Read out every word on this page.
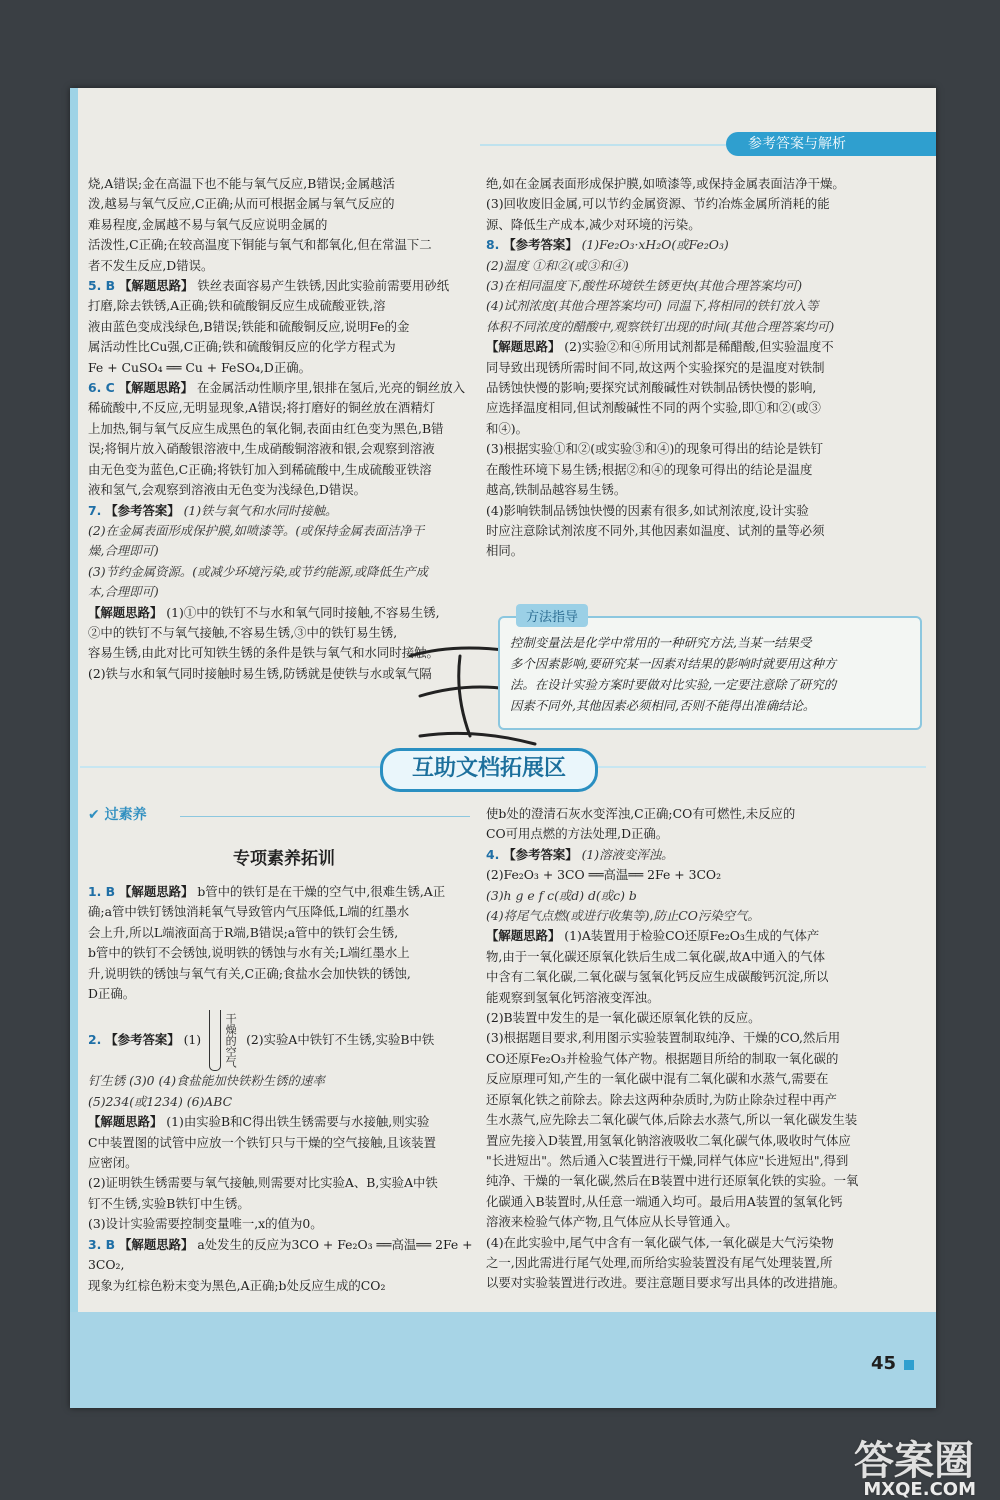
参考答案与解析

烧,A错误;金在高温下也不能与氧气反应,B错误;金属越活

泼,越易与氧气反应,C正确;从而可根据金属与氧气反应的

难易程度,金属越不易与氧气反应说明金属的

活泼性,C正确;在较高温度下铜能与氧气和都氧化,但在常温下二

者不发生反应,D错误。

5. B 【解题思路】 铁丝表面容易产生铁锈,因此实验前需要用砂纸

打磨,除去铁锈,A正确;铁和硫酸铜反应生成硫酸亚铁,溶

液由蓝色变成浅绿色,B错误;铁能和硫酸铜反应,说明Fe的金

属活动性比Cu强,C正确;铁和硫酸铜反应的化学方程式为

Fe + CuSO₄ ══ Cu + FeSO₄,D正确。

6. C 【解题思路】 在金属活动性顺序里,银排在氢后,光亮的铜丝放入

稀硫酸中,不反应,无明显现象,A错误;将打磨好的铜丝放在酒精灯

上加热,铜与氧气反应生成黑色的氧化铜,表面由红色变为黑色,B错

误;将铜片放入硝酸银溶液中,生成硝酸铜溶液和银,会观察到溶液

由无色变为蓝色,C正确;将铁钉加入到稀硫酸中,生成硫酸亚铁溶

液和氢气,会观察到溶液由无色变为浅绿色,D错误。

7. 【参考答案】 (1)铁与氧气和水同时接触。

(2)在金属表面形成保护膜,如喷漆等。(或保持金属表面洁净干

燥,合理即可)

(3)节约金属资源。(或减少环境污染,或节约能源,或降低生产成

本,合理即可)

【解题思路】 (1)①中的铁钉不与水和氧气同时接触,不容易生锈,

②中的铁钉不与氧气接触,不容易生锈,③中的铁钉易生锈,

容易生锈,由此对比可知铁生锈的条件是铁与氧气和水同时接触。

(2)铁与水和氧气同时接触时易生锈,防锈就是使铁与水或氧气隔

绝,如在金属表面形成保护膜,如喷漆等,或保持金属表面洁净干燥。

(3)回收废旧金属,可以节约金属资源、节约冶炼金属所消耗的能

源、降低生产成本,减少对环境的污染。

8. 【参考答案】 (1)Fe₂O₃·xH₂O(或Fe₂O₃)

(2)温度 ①和②(或③和④)

(3)在相同温度下,酸性环境铁生锈更快(其他合理答案均可)

(4)试剂浓度(其他合理答案均可) 同温下,将相同的铁钉放入等

体积不同浓度的醋酸中,观察铁钉出现的时间(其他合理答案均可)

【解题思路】 (2)实验②和④所用试剂都是稀醋酸,但实验温度不

同导致出现锈所需时间不同,故这两个实验探究的是温度对铁制

品锈蚀快慢的影响;要探究试剂酸碱性对铁制品锈快慢的影响,

应选择温度相同,但试剂酸碱性不同的两个实验,即①和②(或③

和④)。

(3)根据实验①和②(或实验③和④)的现象可得出的结论是铁钉

在酸性环境下易生锈;根据②和④的现象可得出的结论是温度

越高,铁制品越容易生锈。

(4)影响铁制品锈蚀快慢的因素有很多,如试剂浓度,设计实验

时应注意除试剂浓度不同外,其他因素如温度、试剂的量等必须

相同。

方法指导
控制变量法是化学中常用的一种研究方法,当某一结果受
多个因素影响,要研究某一因素对结果的影响时就要用这种方
法。在设计实验方案时要做对比实验,一定要注意除了研究的
因素不同外,其他因素必须相同,否则不能得出准确结论。
互助文档拓展区
✔ 过素养
专项素养拓训

1. B 【解题思路】 b管中的铁钉是在干燥的空气中,很难生锈,A正

确;a管中铁钉锈蚀消耗氧气导致管内气压降低,L端的红墨水

会上升,所以L端液面高于R端,B错误;a管中的铁钉会生锈,

b管中的铁钉不会锈蚀,说明铁的锈蚀与水有关;L端红墨水上

升,说明铁的锈蚀与氧气有关,C正确;食盐水会加快铁的锈蚀,

D正确。

2. 【参考答案】 (1) 干燥的空气 (2)实验A中铁钉不生锈,实验B中铁

钉生锈 (3)0 (4)食盐能加快铁粉生锈的速率

(5)234(或1234) (6)ABC

【解题思路】 (1)由实验B和C得出铁生锈需要与水接触,则实验

C中装置图的试管中应放一个铁钉只与干燥的空气接触,且该装置

应密闭。

(2)证明铁生锈需要与氧气接触,则需要对比实验A、B,实验A中铁

钉不生锈,实验B铁钉中生锈。

(3)设计实验需要控制变量唯一,x的值为0。

3. B 【解题思路】 a处发生的反应为3CO + Fe₂O₃ ══高温══ 2Fe + 3CO₂,

现象为红棕色粉末变为黑色,A正确;b处反应生成的CO₂

使b处的澄清石灰水变浑浊,C正确;CO有可燃性,未反应的

CO可用点燃的方法处理,D正确。

4. 【参考答案】 (1)溶液变浑浊。

(2)Fe₂O₃ + 3CO ══高温══ 2Fe + 3CO₂

(3)h g e f c(或d) d(或c) b

(4)将尾气点燃(或进行收集等),防止CO污染空气。

【解题思路】 (1)A装置用于检验CO还原Fe₂O₃生成的气体产

物,由于一氧化碳还原氧化铁后生成二氧化碳,故A中通入的气体

中含有二氧化碳,二氧化碳与氢氧化钙反应生成碳酸钙沉淀,所以

能观察到氢氧化钙溶液变浑浊。

(2)B装置中发生的是一氧化碳还原氧化铁的反应。

(3)根据题目要求,利用图示实验装置制取纯净、干燥的CO,然后用

CO还原Fe₂O₃并检验气体产物。根据题目所给的制取一氧化碳的

反应原理可知,产生的一氧化碳中混有二氧化碳和水蒸气,需要在

还原氧化铁之前除去。除去这两种杂质时,为防止除杂过程中再产

生水蒸气,应先除去二氧化碳气体,后除去水蒸气,所以一氧化碳发生装

置应先接入D装置,用氢氧化钠溶液吸收二氧化碳气体,吸收时气体应

"长进短出"。然后通入C装置进行干燥,同样气体应"长进短出",得到

纯净、干燥的一氧化碳,然后在B装置中进行还原氧化铁的实验。一氧

化碳通入B装置时,从任意一端通入均可。最后用A装置的氢氧化钙

溶液来检验气体产物,且气体应从长导管通入。

(4)在此实验中,尾气中含有一氧化碳气体,一氧化碳是大气污染物

之一,因此需进行尾气处理,而所给实验装置没有尾气处理装置,所

以要对实验装置进行改进。要注意题目要求写出具体的改进措施。

45
答案圈
MXQE.COM
